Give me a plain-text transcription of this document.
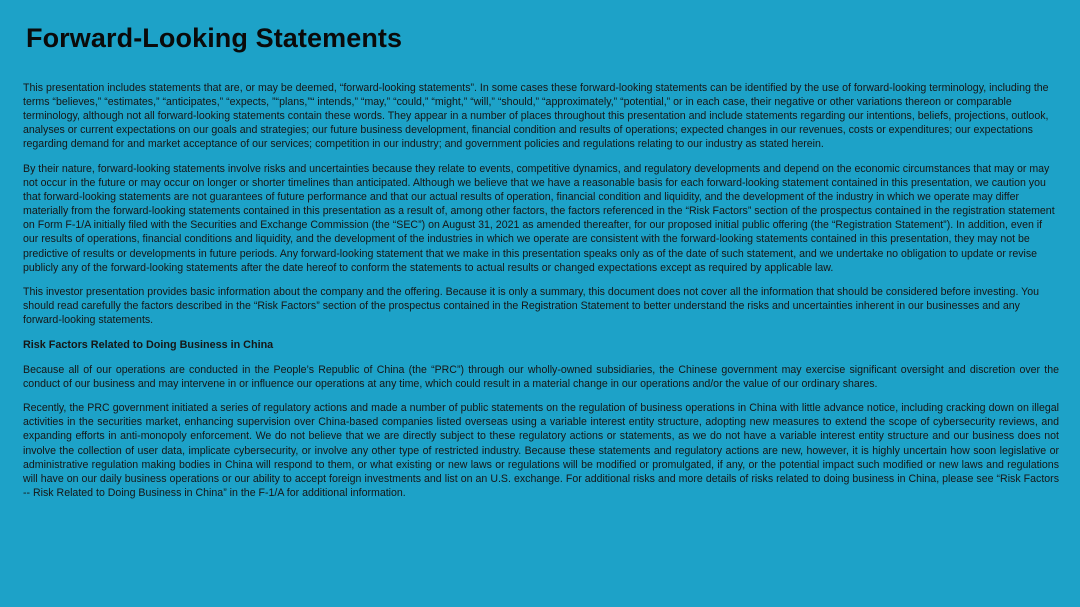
Forward-Looking Statements

This presentation includes statements that are, or may be deemed, “forward-looking statements”. In some cases these forward-looking statements can be identified by the use of forward-looking terminology, including the terms “believes,” “estimates,” “anticipates,” “expects, ”“plans,”“ intends,” “may,” “could,” “might,” “will,” “should,” “approximately,” “potential,” or in each case, their negative or other variations thereon or comparable terminology, although not all forward-looking statements contain these words. They appear in a number of places throughout this presentation and include statements regarding our intentions, beliefs, projections, outlook, analyses or current expectations on our goals and strategies; our future business development, financial condition and results of operations; expected changes in our revenues, costs or expenditures; our expectations regarding demand for and market acceptance of our services; competition in our industry; and government policies and regulations relating to our industry as stated herein.

By their nature, forward-looking statements involve risks and uncertainties because they relate to events, competitive dynamics, and regulatory developments and depend on the economic circumstances that may or may not occur in the future or may occur on longer or shorter timelines than anticipated. Although we believe that we have a reasonable basis for each forward-looking statement contained in this presentation, we caution you that forward-looking statements are not guarantees of future performance and that our actual results of operation, financial condition and liquidity, and the development of the industry in which we operate may differ materially from the forward-looking statements contained in this presentation as a result of, among other factors, the factors referenced in the “Risk Factors” section of the prospectus contained in the registration statement on Form F-1/A initially filed with the Securities and Exchange Commission (the “SEC”) on August 31, 2021 as amended thereafter, for our proposed initial public offering (the “Registration Statement”). In addition, even if our results of operations, financial conditions and liquidity, and the development of the industries in which we operate are consistent with the forward-looking statements contained in this presentation, they may not be predictive of results or developments in future periods. Any forward-looking statement that we make in this presentation speaks only as of the date of such statement, and we undertake no obligation to update or revise publicly any of the forward-looking statements after the date hereof to conform the statements to actual results or changed expectations except as required by applicable law.

This investor presentation provides basic information about the company and the offering. Because it is only a summary, this document does not cover all the information that should be considered before investing. You should read carefully the factors described in the “Risk Factors” section of the prospectus contained in the Registration Statement to better understand the risks and uncertainties inherent in our businesses and any forward-looking statements.

Risk Factors Related to Doing Business in China

Because all of our operations are conducted in the People’s Republic of China (the “PRC”) through our wholly-owned subsidiaries, the Chinese government may exercise significant oversight and discretion over the conduct of our business and may intervene in or influence our operations at any time, which could result in a material change in our operations and/or the value of our ordinary shares.

Recently, the PRC government initiated a series of regulatory actions and made a number of public statements on the regulation of business operations in China with little advance notice, including cracking down on illegal activities in the securities market, enhancing supervision over China-based companies listed overseas using a variable interest entity structure, adopting new measures to extend the scope of cybersecurity reviews, and expanding efforts in anti-monopoly enforcement. We do not believe that we are directly subject to these regulatory actions or statements, as we do not have a variable interest entity structure and our business does not involve the collection of user data, implicate cybersecurity, or involve any other type of restricted industry. Because these statements and regulatory actions are new, however, it is highly uncertain how soon legislative or administrative regulation making bodies in China will respond to them, or what existing or new laws or regulations will be modified or promulgated, if any, or the potential impact such modified or new laws and regulations will have on our daily business operations or our ability to accept foreign investments and list on an U.S. exchange. For additional risks and more details of risks related to doing business in China, please see “Risk Factors -- Risk Related to Doing Business in China” in the F-1/A for additional information.
